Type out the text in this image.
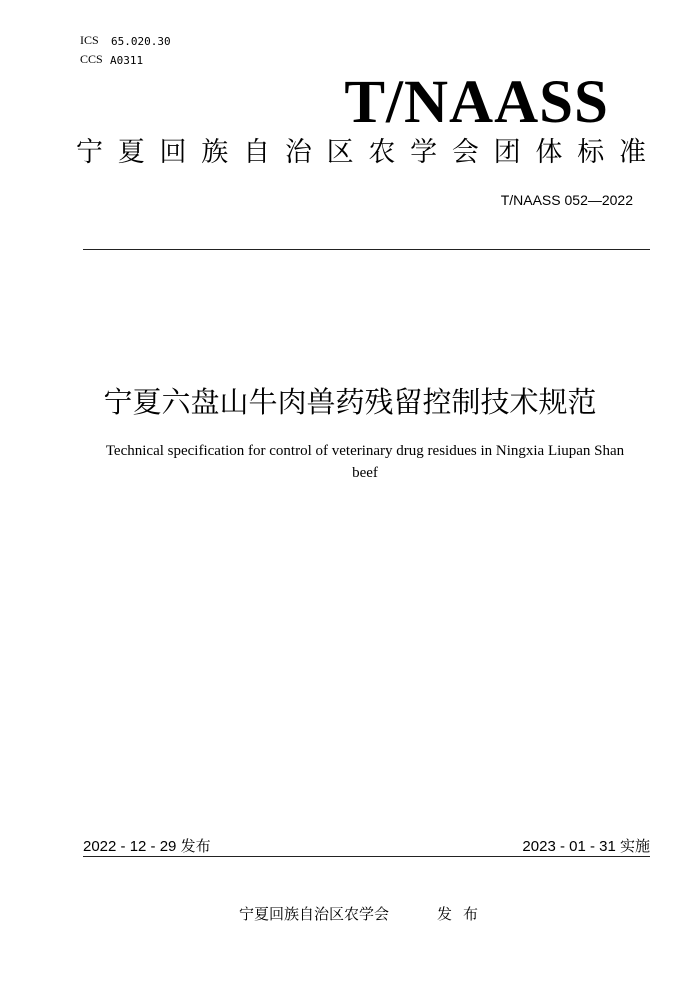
ICS 65.020.30
CCS A0311
T/NAASS
宁 夏 回 族 自 治 区 农 学 会 团 体 标 准
T/NAASS 052—2022
宁夏六盘山牛肉兽药残留控制技术规范
Technical specification for control of veterinary drug residues in Ningxia Liupan Shan beef
2022 - 12 - 29 发布	2023 - 01 - 31 实施
宁夏回族自治区农学会	发布
